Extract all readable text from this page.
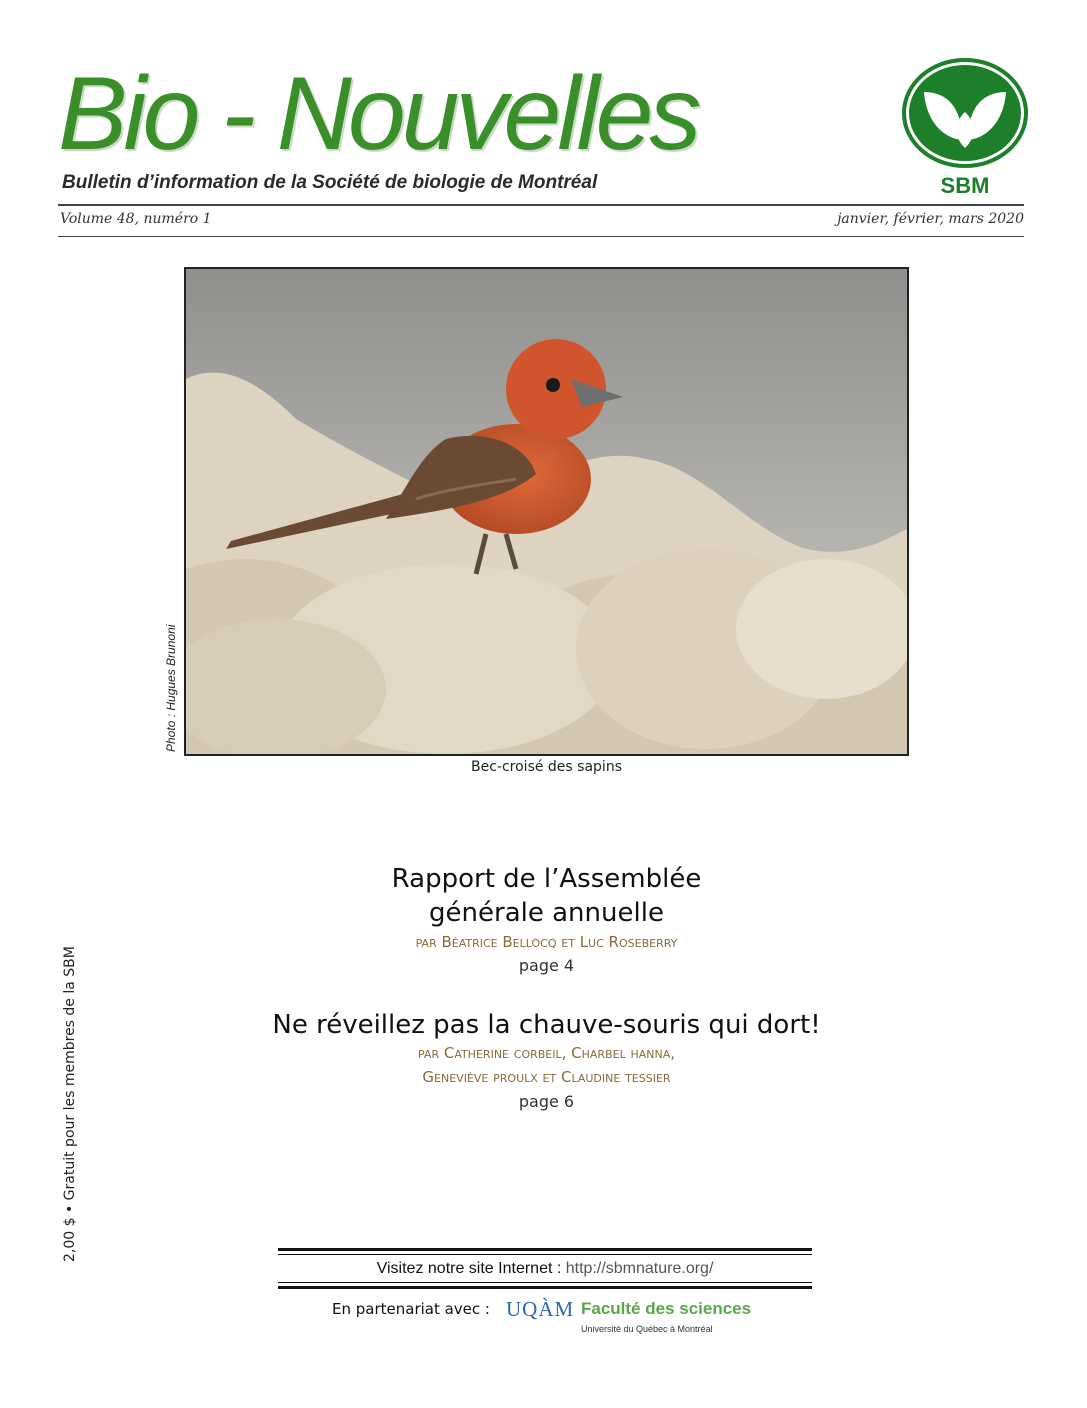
Bio - Nouvelles
Bulletin d’information de la Société de biologie de Montréal	SBM
Volume 48, numéro 1	janvier, février, mars 2020
Photo : Hugues Brunoni
Bec-croisé des sapins
2,00 $ • Gratuit pour les membres de la SBM
Rapport de l’Assemblée
générale annuelle
par Béatrice Bellocq et Luc Roseberry
page 4
Ne réveillez pas la chauve-souris qui dort!
par Catherine corbeil, Charbel hanna,
Geneviève proulx et Claudine tessier
page 6
Visitez notre site Internet : http://sbmnature.org/
En partenariat avec : UQÀM Faculté des sciences
Université du Québec à Montréal
